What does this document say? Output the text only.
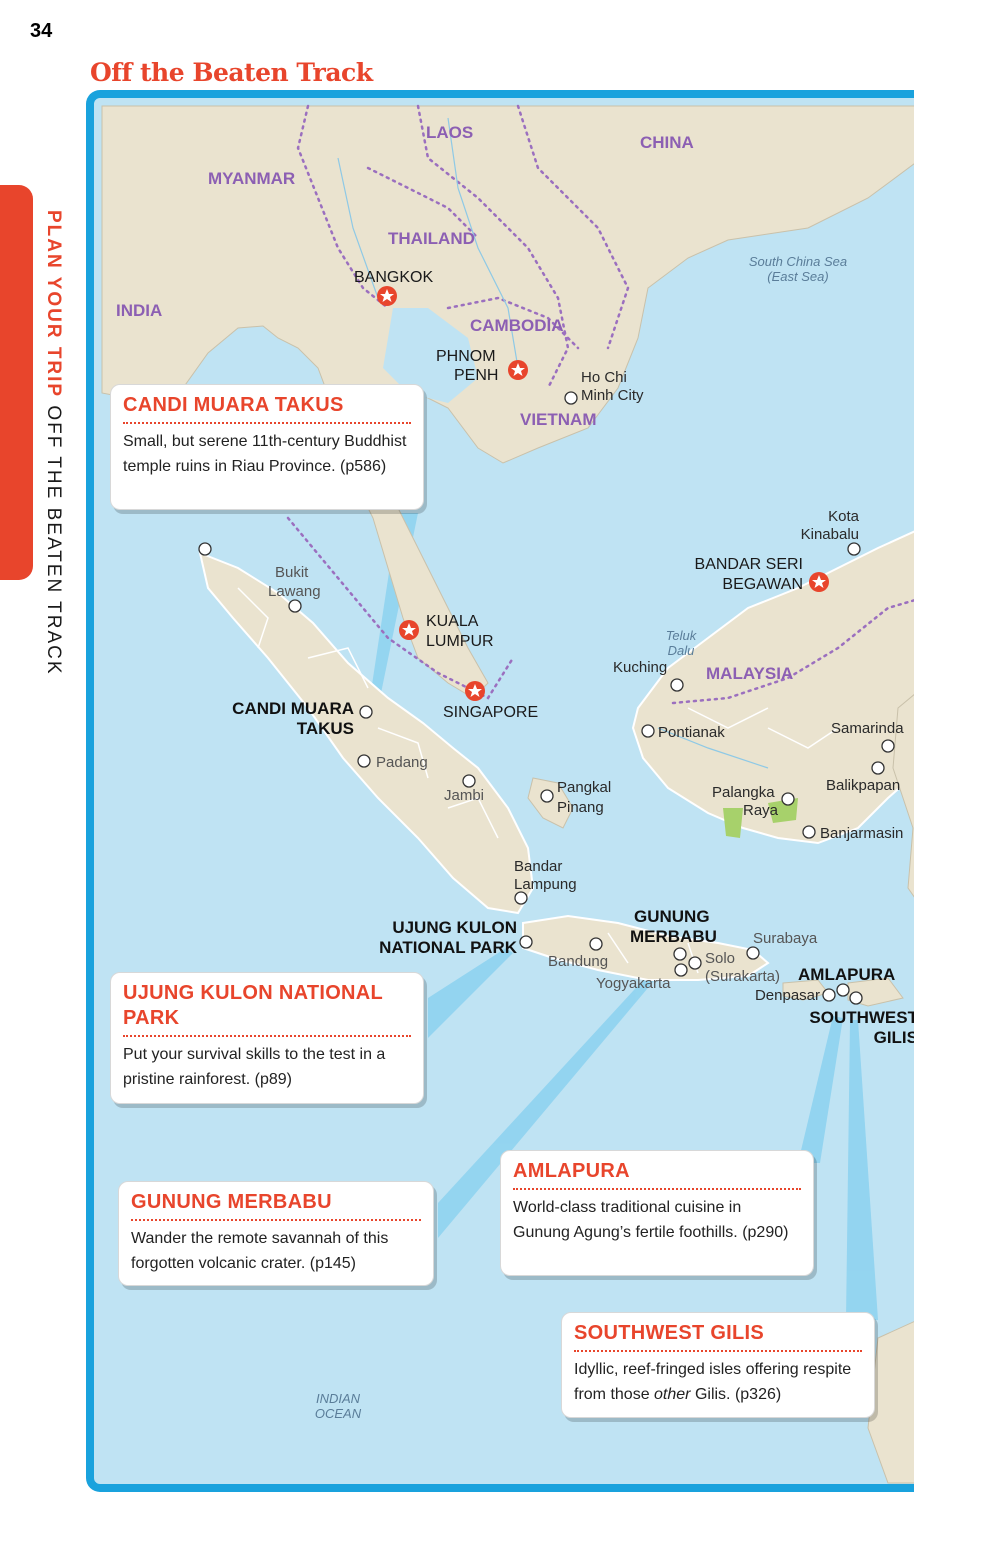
34
Off the Beaten Track
PLAN YOUR TRIP OFF THE BEATEN TRACK
LAOS
CHINA
MYANMAR
THAILAND
INDIA
CAMBODIA
VIETNAM
MALAYSIA
South China Sea
(East Sea)
Teluk
Dalu
INDIAN
OCEAN
BANGKOK
PHNOM
PENH
KUALA
LUMPUR
SINGAPORE
BANDAR SERI
BEGAWAN
Ho Chi
Minh City
Kota
Kinabalu
Bukit
Lawang
Kuching
Pontianak	Samarinda
Balikpapan
Padang
Jambi	Pangkal
Pinang
Palangka
Raya
Banjarmasin
Bandar
Lampung
Bandung
Yogyakarta
Solo
(Surakarta)
Surabaya
Denpasar
CANDI MUARA
TAKUS
UJUNG KULON
NATIONAL PARK
GUNUNG
MERBABU
AMLAPURA
SOUTHWEST
GILIS
CANDI MUARA TAKUS

Small, but serene 11th-century Buddhist temple ruins in Riau Province. (p586)

UJUNG KULON NATIONAL PARK

Put your survival skills to the test in a pristine rainforest. (p89)

GUNUNG MERBABU

Wander the remote savannah of this forgotten volcanic crater. (p145)

AMLAPURA

World-class traditional cuisine in Gunung Agung’s fertile foothills. (p290)

SOUTHWEST GILIS

Idyllic, reef-fringed isles offering respite from those other Gilis. (p326)
